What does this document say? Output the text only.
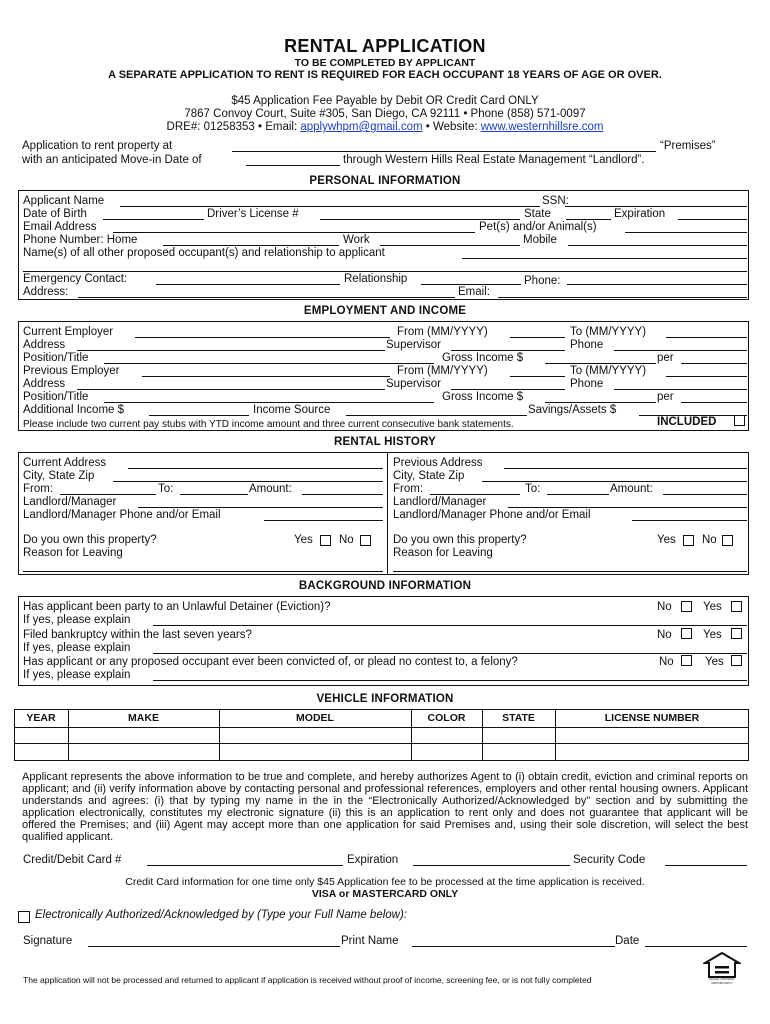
RENTAL APPLICATION
TO BE COMPLETED BY APPLICANT
A SEPARATE APPLICATION TO RENT IS REQUIRED FOR EACH OCCUPANT 18 YEARS OF AGE OR OVER.
$45 Application Fee Payable by Debit OR Credit Card ONLY
7867 Convoy Court, Suite #305, San Diego, CA 92111 • Phone (858) 571-0097
DRE#: 01258353 • Email: applywhpm@gmail.com • Website: www.westernhillsre.com
Application to rent property at	“Premises”
with an anticipated Move-in Date of	through Western Hills Real Estate Management “Landlord”.
PERSONAL INFORMATION
Applicant Name	SSN:
Date of Birth	Driver’s License #	State	Expiration
Email Address	Pet(s) and/or Animal(s)
Phone Number: Home	Work	Mobile
Name(s) of all other proposed occupant(s) and relationship to applicant
Emergency Contact:	Relationship	Phone:
Address:	Email:
EMPLOYMENT AND INCOME
Current Employer	From (MM/YYYY)	To (MM/YYYY)
Address	Supervisor	Phone
Position/Title	Gross Income $	per
Previous Employer	From (MM/YYYY)	To (MM/YYYY)
Address	Supervisor	Phone
Position/Title	Gross Income $	per
Additional Income $	Income Source	Savings/Assets $
Please include two current pay stubs with YTD income amount and three current consecutive bank statements.	INCLUDED
RENTAL HISTORY
Current Address
City, State Zip
From:	To:	Amount:
Landlord/Manager
Landlord/Manager Phone and/or Email
Do you own this property?	Yes No
Reason for Leaving
Previous Address
City, State Zip
From:	To:	Amount:
Landlord/Manager
Landlord/Manager Phone and/or Email
Do you own this property?	Yes No
Reason for Leaving
BACKGROUND INFORMATION
Has applicant been party to an Unlawful Detainer (Eviction)?	No	Yes
If yes, please explain
Filed bankruptcy within the last seven years?	No	Yes
If yes, please explain
Has applicant or any proposed occupant ever been convicted of, or plead no contest to, a felony?	No	Yes
If yes, please explain
VEHICLE INFORMATION
YEAR	MAKE	MODEL	COLOR	STATE	LICENSE NUMBER
Applicant represents the above information to be true and complete, and hereby authorizes Agent to (i) obtain credit, eviction and criminal reports on applicant; and (ii) verify information above by contacting personal and professional references, employers and other rental housing owners. Applicant understands and agrees: (i) that by typing my name in the in the “Electronically Authorized/Acknowledged by” section and by submitting the application electronically, constitutes my electronic signature (ii) this is an application to rent only and does not guarantee that applicant will be offered the Premises; and (iii) Agent may accept more than one application for said Premises and, using their sole discretion, will select the best qualified applicant.
Credit/Debit Card #	Expiration	Security Code
Credit Card information for one time only $45 Application fee to be processed at the time application is received.
VISA or MASTERCARD ONLY
Electronically Authorized/Acknowledged by (Type your Full Name below):
Signature	Print Name	Date
The application will not be processed and returned to applicant if application is received without proof of income, screening fee, or is not fully completed	EQUAL HOUSING OPPORTUNITY
